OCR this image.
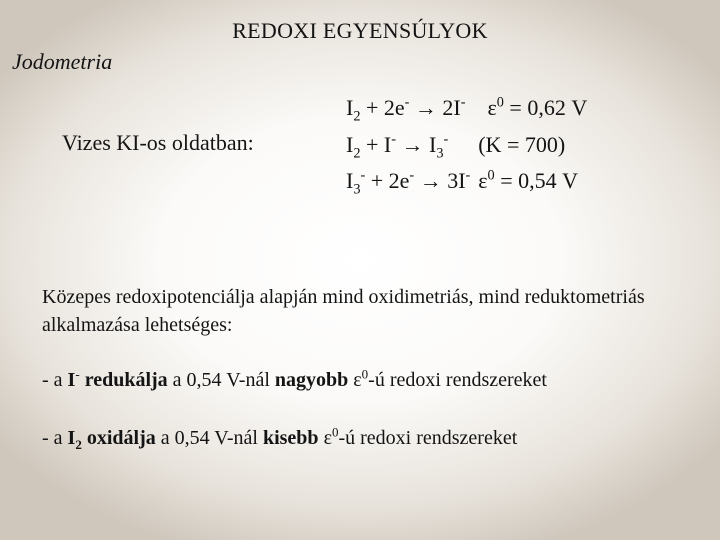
REDOXI EGYENSÚLYOK
Jodometria
Vizes KI-os oldatban:
$I_2 + 2e^- \to 2I^-$ $\varepsilon^0 = 0,62$ V
$I_2 + I^- \to I_3^-$ (K = 700)
$I_3^- + 2e^- \to 3I^-$ $\varepsilon^0 = 0,54$ V
Közepes redoxipotenciálja alapján mind oxidimetriás, mind reduktometriás alkalmazása lehetséges:
- a I- redukálja a 0,54 V-nál nagyobb $\varepsilon^0-ú$ redoxi rendszereket
- a $I_2$ oxidálja a 0,54 V-nál kisebb $\varepsilon^0-ú$ redoxi rendszereket
